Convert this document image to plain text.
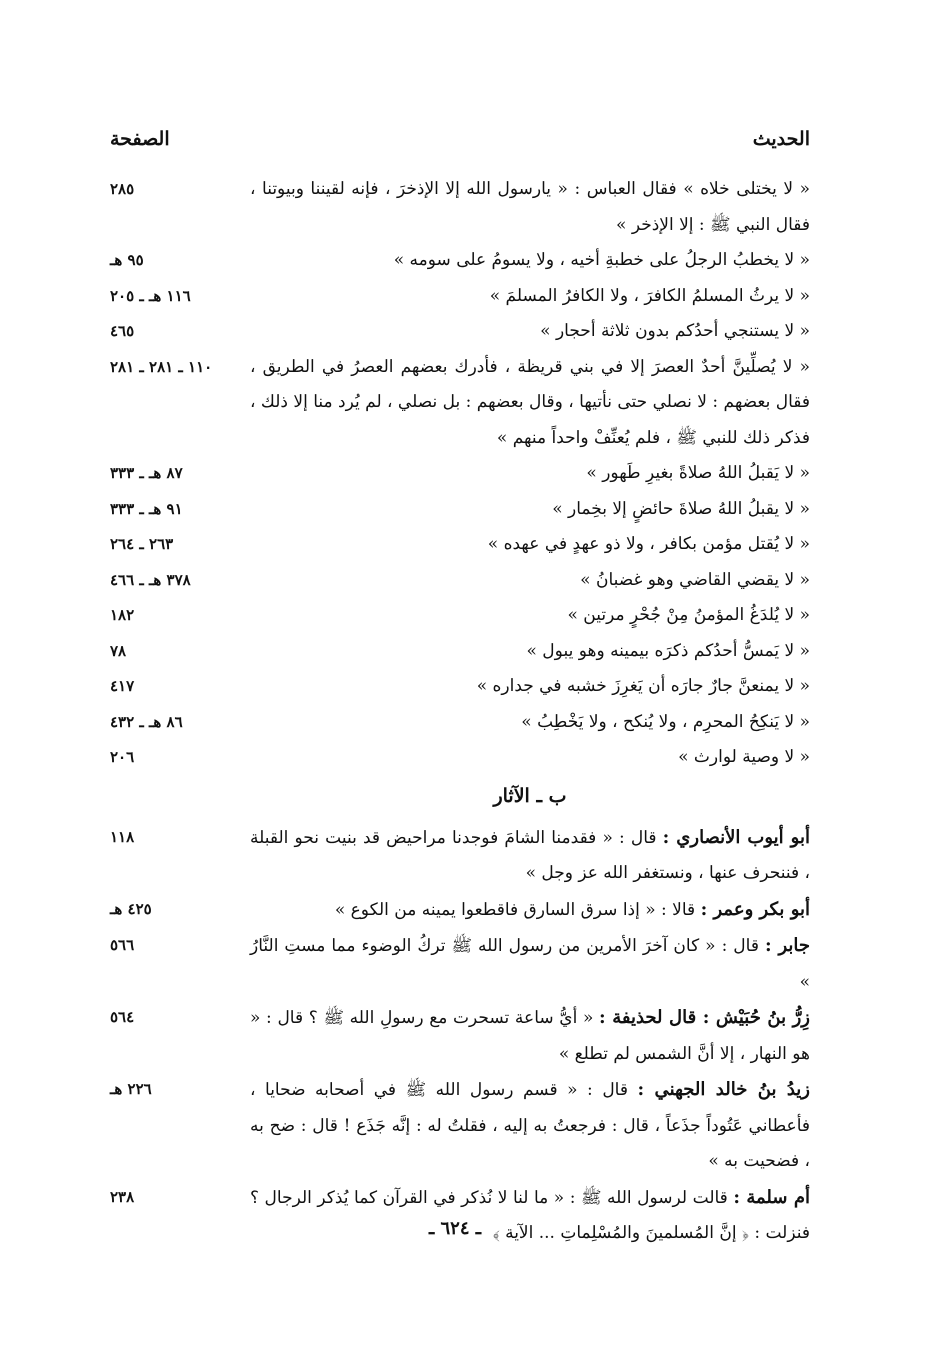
الحديث
الصفحة
« لا يختلى خلاه » فقال العباس : « يارسول الله إلا الإذخرَ ، فإنه لقيننا وبيوتنا ، فقال النبي ﷺ : إلا الإذخر »
٢٨٥
« لا يخطبُ الرجلُ على خطبةِ أخيه ، ولا يسومُ على سومه »
٩٥ هـ
« لا يرثُ المسلمُ الكافرَ ، ولا الكافرُ المسلمَ »
١١٦ هـ ـ ٢٠٥
« لا يستنجي أحدُكم بدون ثلاثة أحجار »
٤٦٥
« لا يُصلِّينَّ أحدٌ العصرَ إلا في بني قريظة ، فأدرك بعضهم العصرُ في الطريق ، فقال بعضهم : لا نصلي حتى نأتيها ، وقال بعضهم : بل نصلي ، لم يُرد منا إلا ذلك ، فذكر ذلك للنبي ﷺ ، فلم يُعنِّفْ واحداً منهم »
١١٠ ـ ٢٨١ ـ ٢٨١
« لا يَقبلُ اللهُ صلاةً بغيرِ طَهور »
٨٧ هـ ـ ٣٣٣
« لا يقبلُ اللهُ صلاةَ حائضٍ إلا بخِمار »
٩١ هـ ـ ٣٣٣
« لا يُقتل مؤمن بكافر ، ولا ذو عهدٍ في عهده »
٢٦٣ ـ ٢٦٤
« لا يقضي القاضي وهو غضبانُ »
٣٧٨ هـ ـ ٤٦٦
« لا يُلدَغُ المؤمنُ مِنْ جُحْرٍ مرتين »
١٨٢
« لا يَمسُّ أحدُكم ذكرَه بيمينه وهو يبول »
٧٨
« لا يمنعنَّ جارٌ جارَه أن يَغرِزَ خشبه في جداره »
٤١٧
« لا يَنكِحُ المحرِم ، ولا يُنكح ، ولا يَخْطِبُ »
٨٦ هـ ـ ٤٣٢
« لا وصية لوارث »
٢٠٦
ب ـ الآثار
أبو أيوب الأنصاري : قال : « فقدمنا الشامَ فوجدنا مراحيض قد بنيت نحو القبلة ، فننحرف عنها ، ونستغفر الله عز وجل »
١١٨
أبو بكر وعمر : قالا : « إذا سرق السارق فاقطعوا يمينه من الكوع »
٤٢٥ هـ
جابر : قال : « كان آخرَ الأمرين من رسول الله ﷺ تركُ الوضوء مما مستِ النَّارُ »
٥٦٦
زِرُّ بنُ حُبَيْش : قال لحذيفة : « أيُّ ساعة تسحرت مع رسولِ الله ﷺ ؟ قال : « هو النهار ، إلا أنَّ الشمس لم تطلع »
٥٦٤
زيدُ بنُ خالد الجهني : قال : « قسم رسول الله ﷺ في أصحابه ضحايا ، فأعطاني عَتُوداً جذَعاً ، قال : فرجعتُ به إليه ، فقلتُ له : إنَّه جَذَع ! قال : ضح به ، فضحيت به »
٢٢٦ هـ
أم سلمة : قالت لرسول الله ﷺ : « ما لنا لا نُذكر في القرآن كما يُذكر الرجال ؟ فنزلت : ﴿ إنَّ المُسلمينَ والمُسْلِماتِ ... الآية ﴾
٢٣٨
ـ ٦٢٤ ـ
